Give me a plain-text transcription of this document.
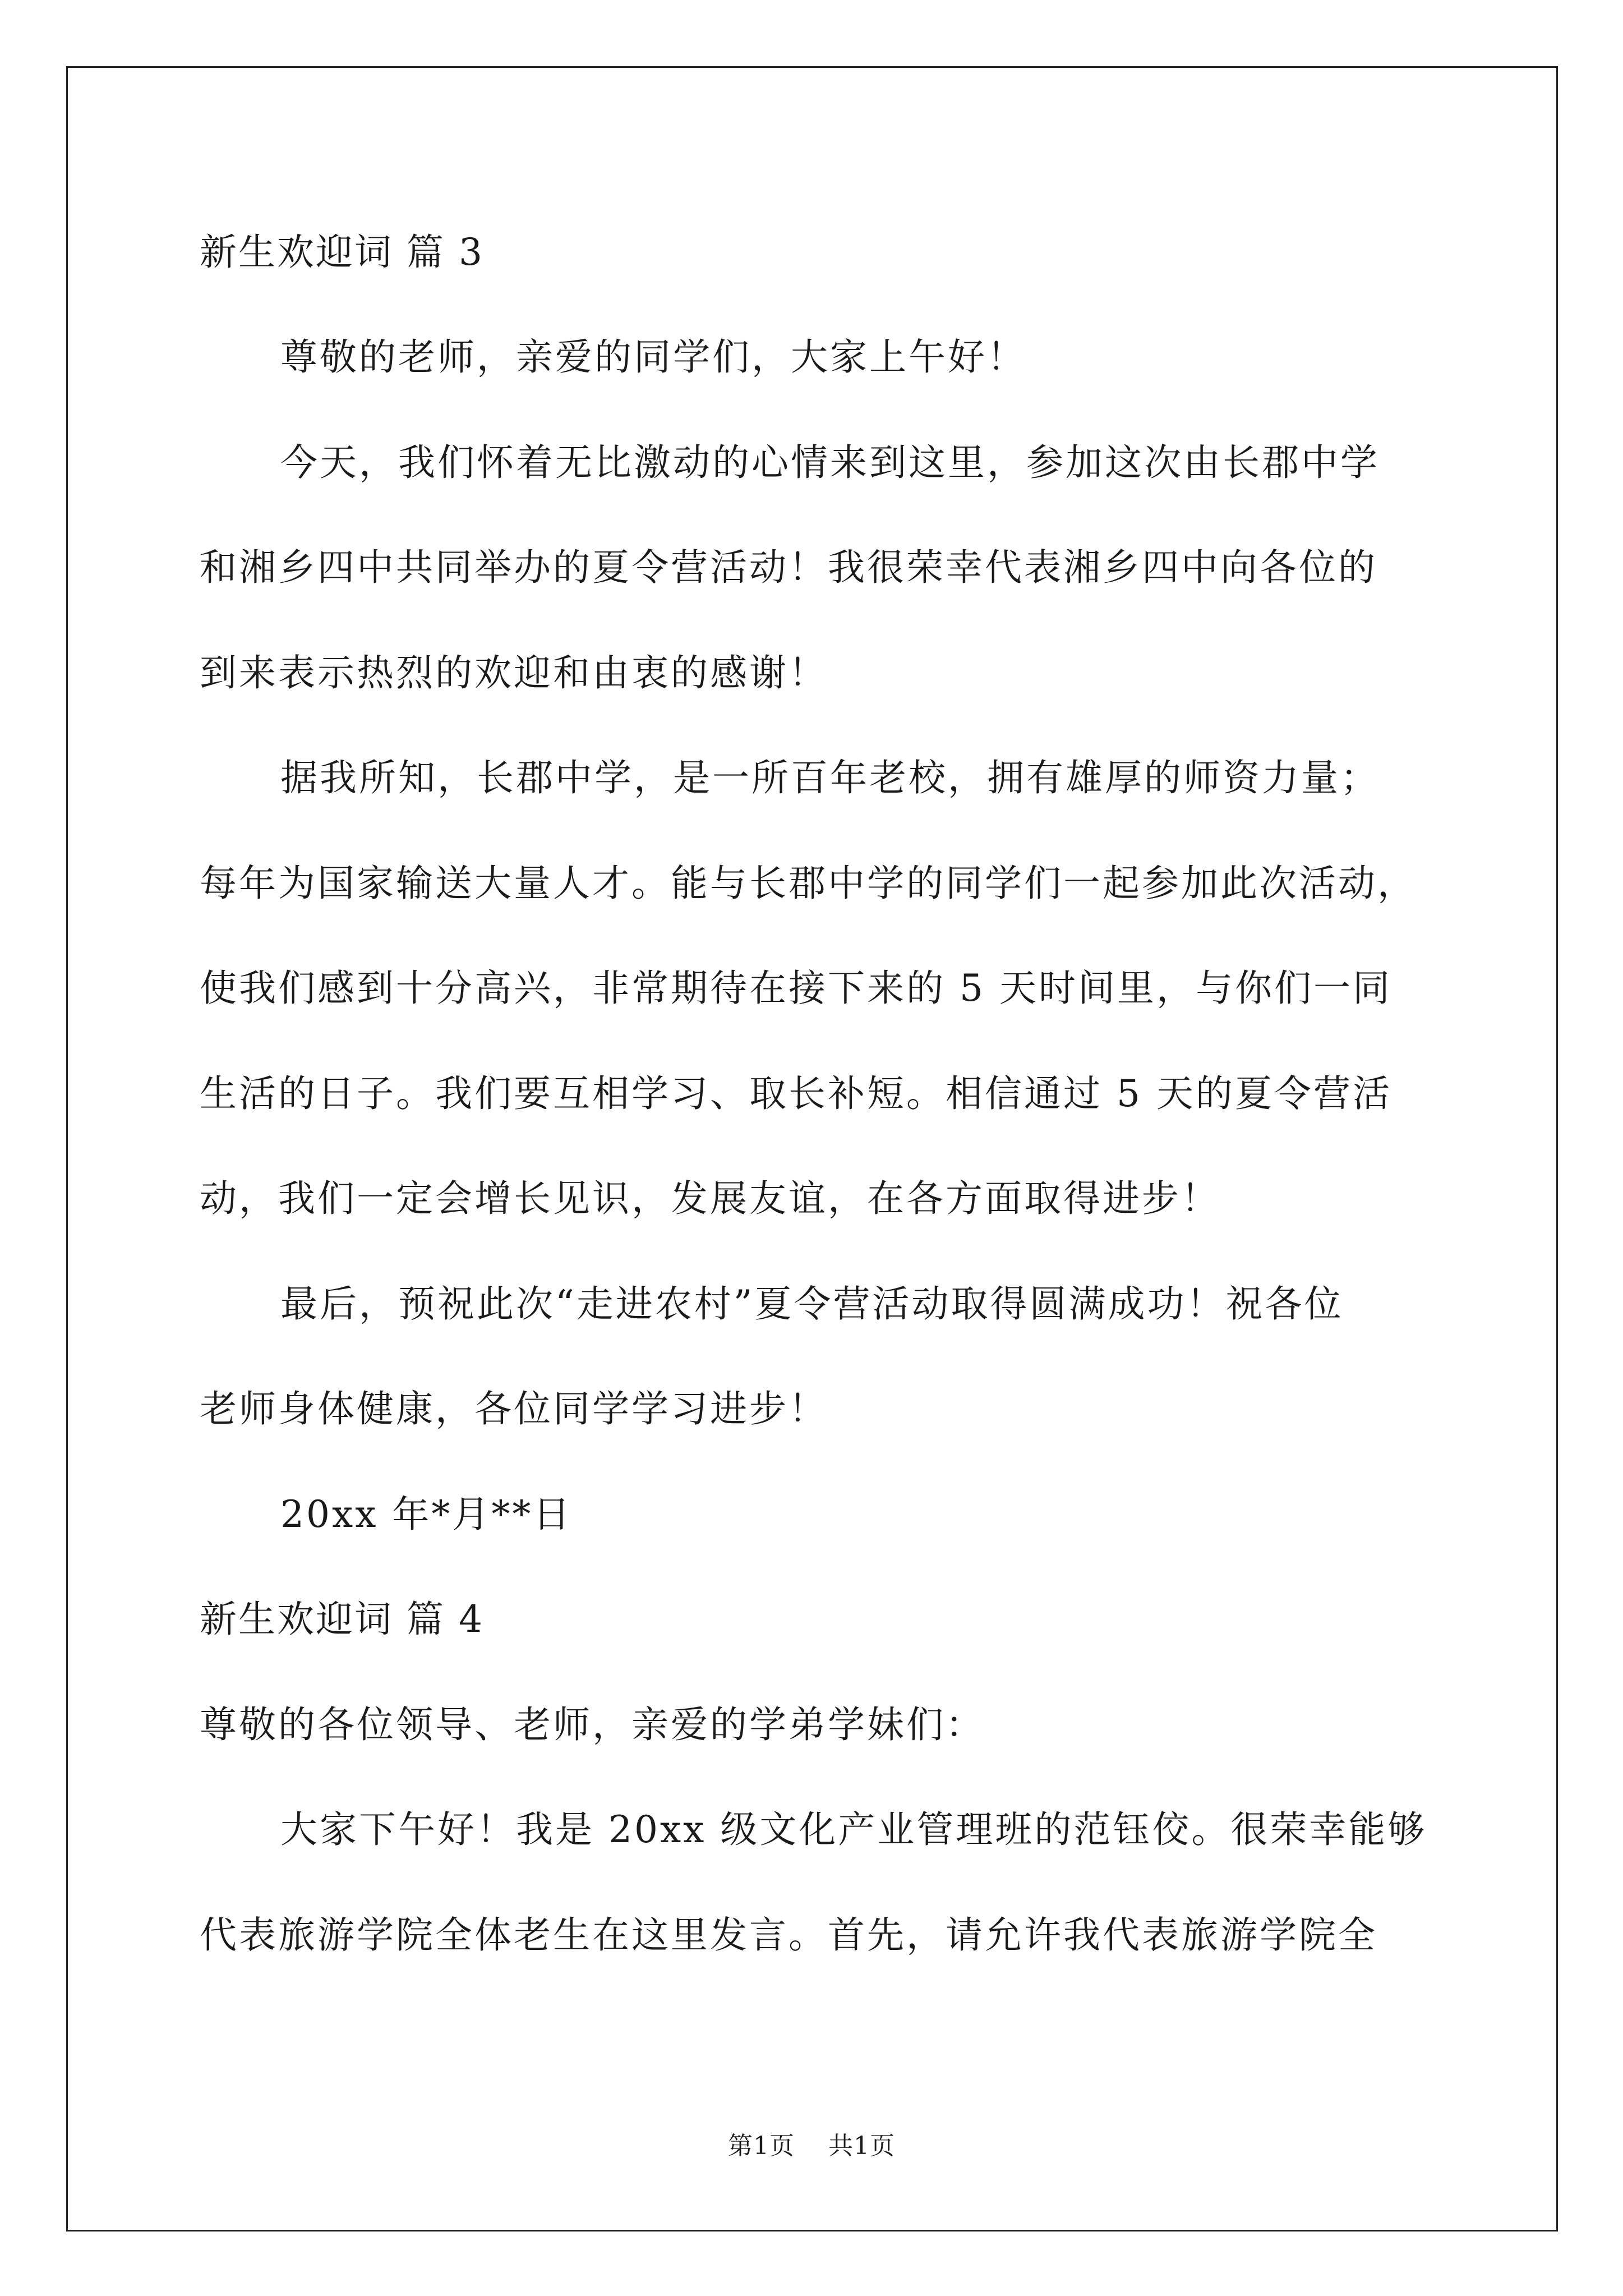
新生欢迎词 篇 3
尊敬的老师，亲爱的同学们，大家上午好！
今天，我们怀着无比激动的心情来到这里，参加这次由长郡中学
和湘乡四中共同举办的夏令营活动！我很荣幸代表湘乡四中向各位的
到来表示热烈的欢迎和由衷的感谢！
据我所知，长郡中学，是一所百年老校，拥有雄厚的师资力量；
每年为国家输送大量人才。能与长郡中学的同学们一起参加此次活动，
使我们感到十分高兴，非常期待在接下来的 5 天时间里，与你们一同
生活的日子。我们要互相学习、取长补短。相信通过 5 天的夏令营活
动，我们一定会增长见识，发展友谊，在各方面取得进步！
最后，预祝此次“走进农村”夏令营活动取得圆满成功！祝各位
老师身体健康，各位同学学习进步！
20xx 年*月**日
新生欢迎词 篇 4
尊敬的各位领导、老师，亲爱的学弟学妹们：
大家下午好！我是 20xx 级文化产业管理班的范钰佼。很荣幸能够
代表旅游学院全体老生在这里发言。首先，请允许我代表旅游学院全
第1页 共1页
